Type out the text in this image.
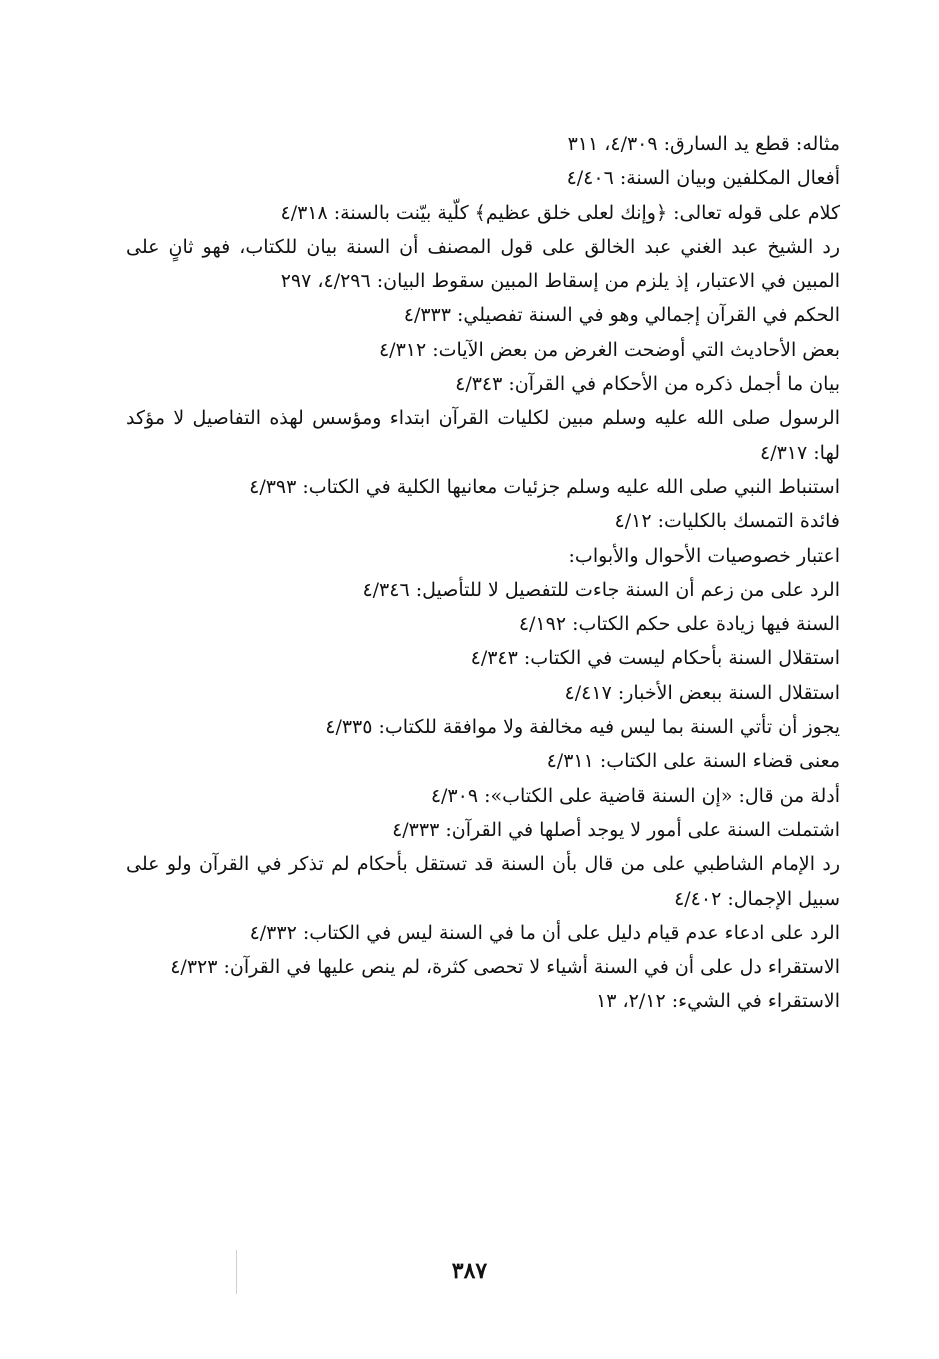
مثاله: قطع يد السارق: ٤/٣٠٩، ٣١١

أفعال المكلفين وبيان السنة: ٤/٤٠٦

كلام على قوله تعالى: ﴿وإنك لعلى خلق عظيم﴾ كلّية بيّنت بالسنة: ٤/٣١٨

رد الشيخ عبد الغني عبد الخالق على قول المصنف أن السنة بيان للكتاب، فهو ثانٍ على المبين في الاعتبار، إذ يلزم من إسقاط المبين سقوط البيان: ٤/٢٩٦، ٢٩٧

الحكم في القرآن إجمالي وهو في السنة تفصيلي: ٤/٣٣٣

بعض الأحاديث التي أوضحت الغرض من بعض الآيات: ٤/٣١٢

بيان ما أجمل ذكره من الأحكام في القرآن: ٤/٣٤٣

الرسول صلى الله عليه وسلم مبين لكليات القرآن ابتداء ومؤسس لهذه التفاصيل لا مؤكد لها: ٤/٣١٧

استنباط النبي صلى الله عليه وسلم جزئيات معانيها الكلية في الكتاب: ٤/٣٩٣

فائدة التمسك بالكليات: ٤/١٢

اعتبار خصوصيات الأحوال والأبواب:

الرد على من زعم أن السنة جاءت للتفصيل لا للتأصيل: ٤/٣٤٦

السنة فيها زيادة على حكم الكتاب: ٤/١٩٢

استقلال السنة بأحكام ليست في الكتاب: ٤/٣٤٣

استقلال السنة ببعض الأخبار: ٤/٤١٧

يجوز أن تأتي السنة بما ليس فيه مخالفة ولا موافقة للكتاب: ٤/٣٣٥

معنى قضاء السنة على الكتاب: ٤/٣١١

أدلة من قال: «إن السنة قاضية على الكتاب»: ٤/٣٠٩

اشتملت السنة على أمور لا يوجد أصلها في القرآن: ٤/٣٣٣

رد الإمام الشاطبي على من قال بأن السنة قد تستقل بأحكام لم تذكر في القرآن ولو على سبيل الإجمال: ٤/٤٠٢

الرد على ادعاء عدم قيام دليل على أن ما في السنة ليس في الكتاب: ٤/٣٣٢

الاستقراء دل على أن في السنة أشياء لا تحصى كثرة، لم ينص عليها في القرآن: ٤/٣٢٣

الاستقراء في الشيء: ٢/١٢، ١٣

٣٨٧
